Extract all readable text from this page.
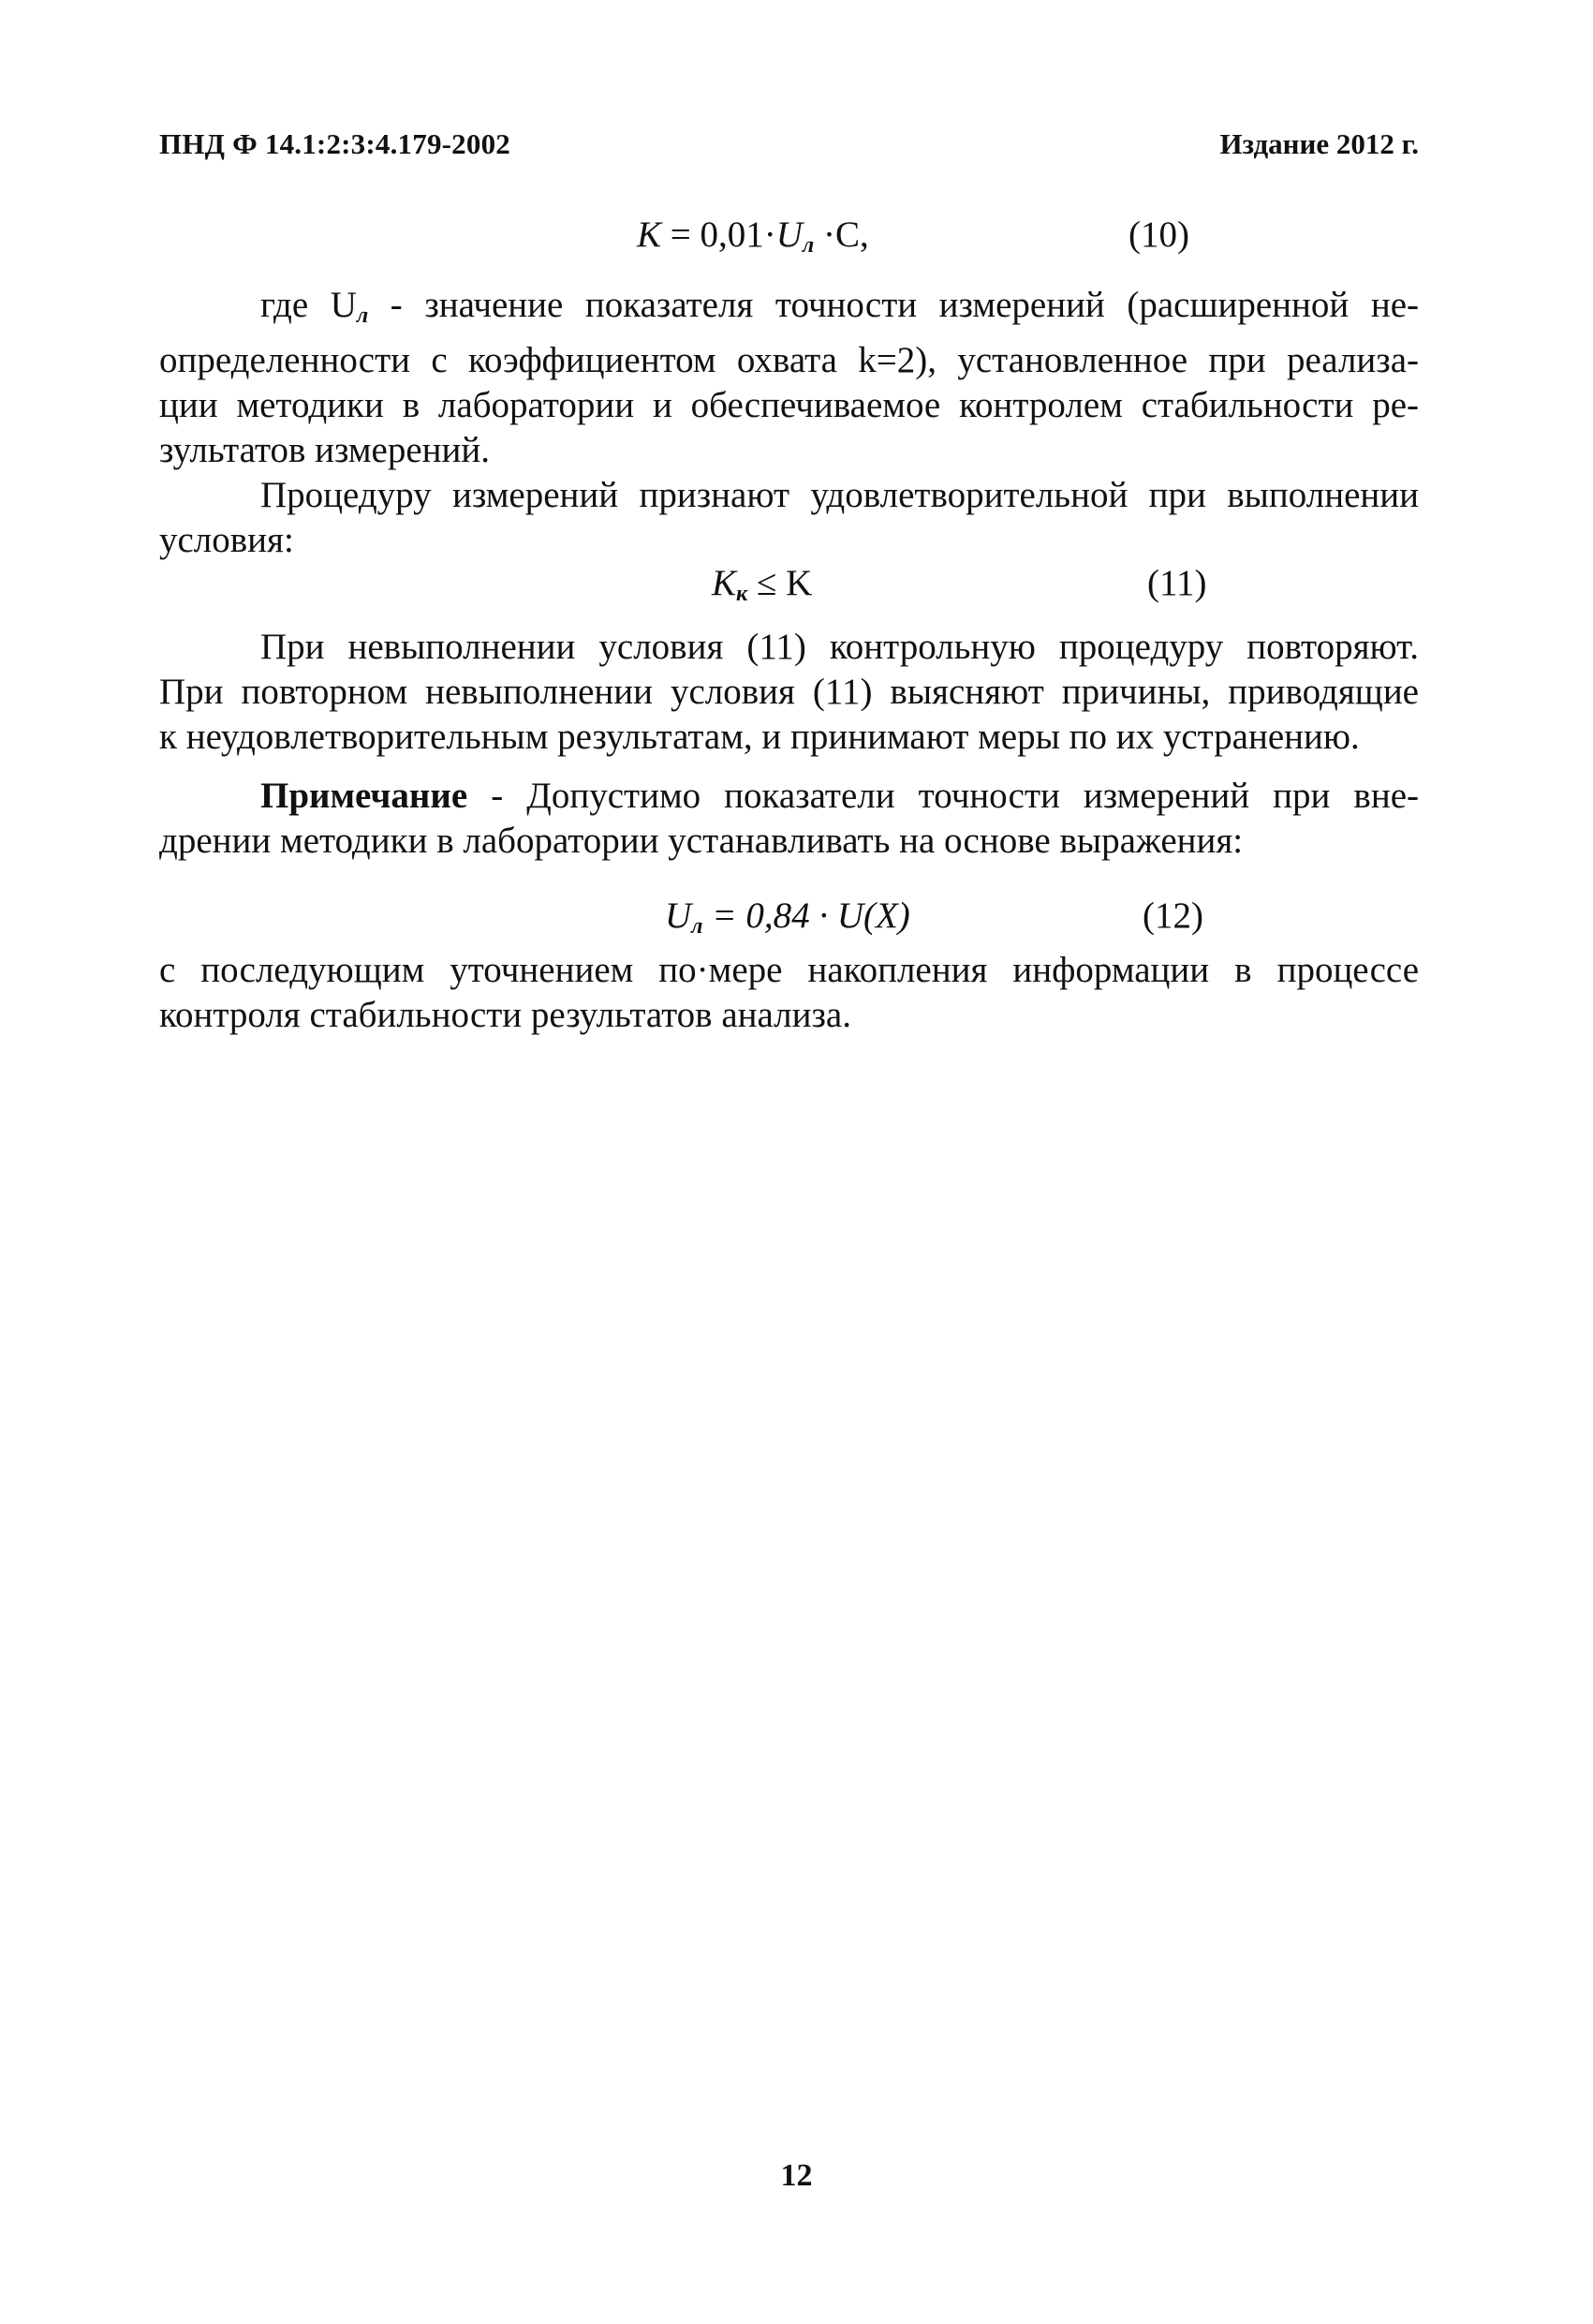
ПНД Ф 14.1:2:3:4.179-2002	Издание 2012 г.
$K = 0,01\cdot U_л \cdot C$,	(10)
где $U_л$ - значение показателя точности измерений (расширенной не-
определенности с коэффициентом охвата k=2), установленное при реализа-
ции методики в лаборатории и обеспечиваемое контролем стабильности ре-
зультатов измерений.
Процедуру измерений признают удовлетворительной при выполнении
условия:
$K_к \le K$	(11)
При невыполнении условия (11) контрольную процедуру повторяют.
При повторном невыполнении условия (11) выясняют причины, приводящие
к неудовлетворительным результатам, и принимают меры по их устранению.
Примечание - Допустимо показатели точности измерений при вне-
дрении методики в лаборатории устанавливать на основе выражения:
$U_л = 0,84 \cdot U(X)$	(12)
с последующим уточнением по·мере накопления информации в процессе
контроля стабильности результатов анализа.
12
